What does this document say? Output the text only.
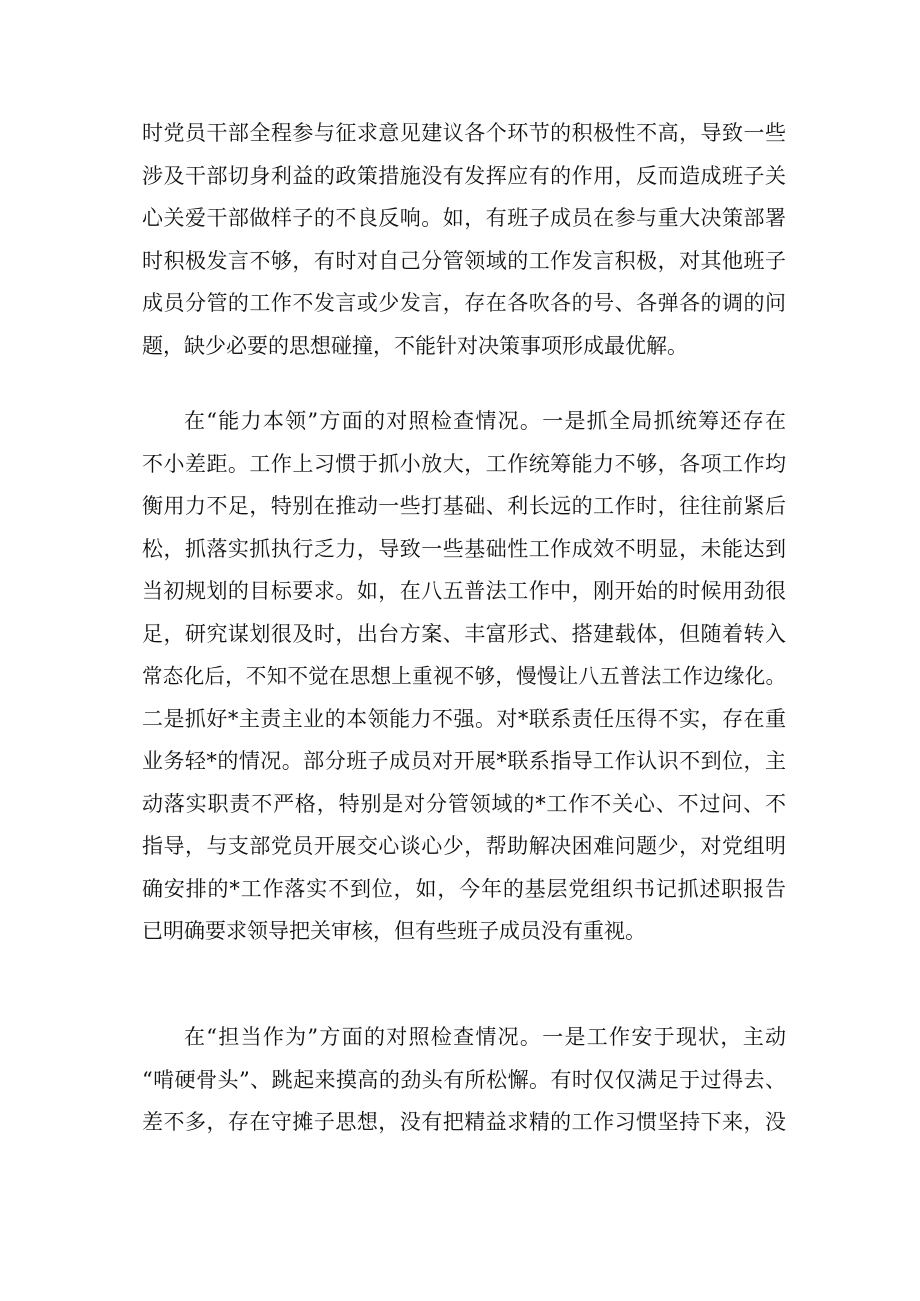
时党员干部全程参与征求意见建议各个环节的积极性不高，导致一些
涉及干部切身利益的政策措施没有发挥应有的作用，反而造成班子关
心关爱干部做样子的不良反响。如，有班子成员在参与重大决策部署
时积极发言不够，有时对自己分管领域的工作发言积极，对其他班子
成员分管的工作不发言或少发言，存在各吹各的号、各弹各的调的问
题，缺少必要的思想碰撞，不能针对决策事项形成最优解。
在“能力本领”方面的对照检查情况。一是抓全局抓统筹还存在
不小差距。工作上习惯于抓小放大，工作统筹能力不够，各项工作均
衡用力不足，特别在推动一些打基础、利长远的工作时，往往前紧后
松，抓落实抓执行乏力，导致一些基础性工作成效不明显，未能达到
当初规划的目标要求。如，在八五普法工作中，刚开始的时候用劲很
足，研究谋划很及时，出台方案、丰富形式、搭建载体，但随着转入
常态化后，不知不觉在思想上重视不够，慢慢让八五普法工作边缘化。
二是抓好*主责主业的本领能力不强。对*联系责任压得不实，存在重
业务轻*的情况。部分班子成员对开展*联系指导工作认识不到位，主
动落实职责不严格，特别是对分管领域的*工作不关心、不过问、不
指导，与支部党员开展交心谈心少，帮助解决困难问题少，对党组明
确安排的*工作落实不到位，如，今年的基层党组织书记抓述职报告
已明确要求领导把关审核，但有些班子成员没有重视。
在“担当作为”方面的对照检查情况。一是工作安于现状，主动
“啃硬骨头”、跳起来摸高的劲头有所松懈。有时仅仅满足于过得去、
差不多，存在守摊子思想，没有把精益求精的工作习惯坚持下来，没
